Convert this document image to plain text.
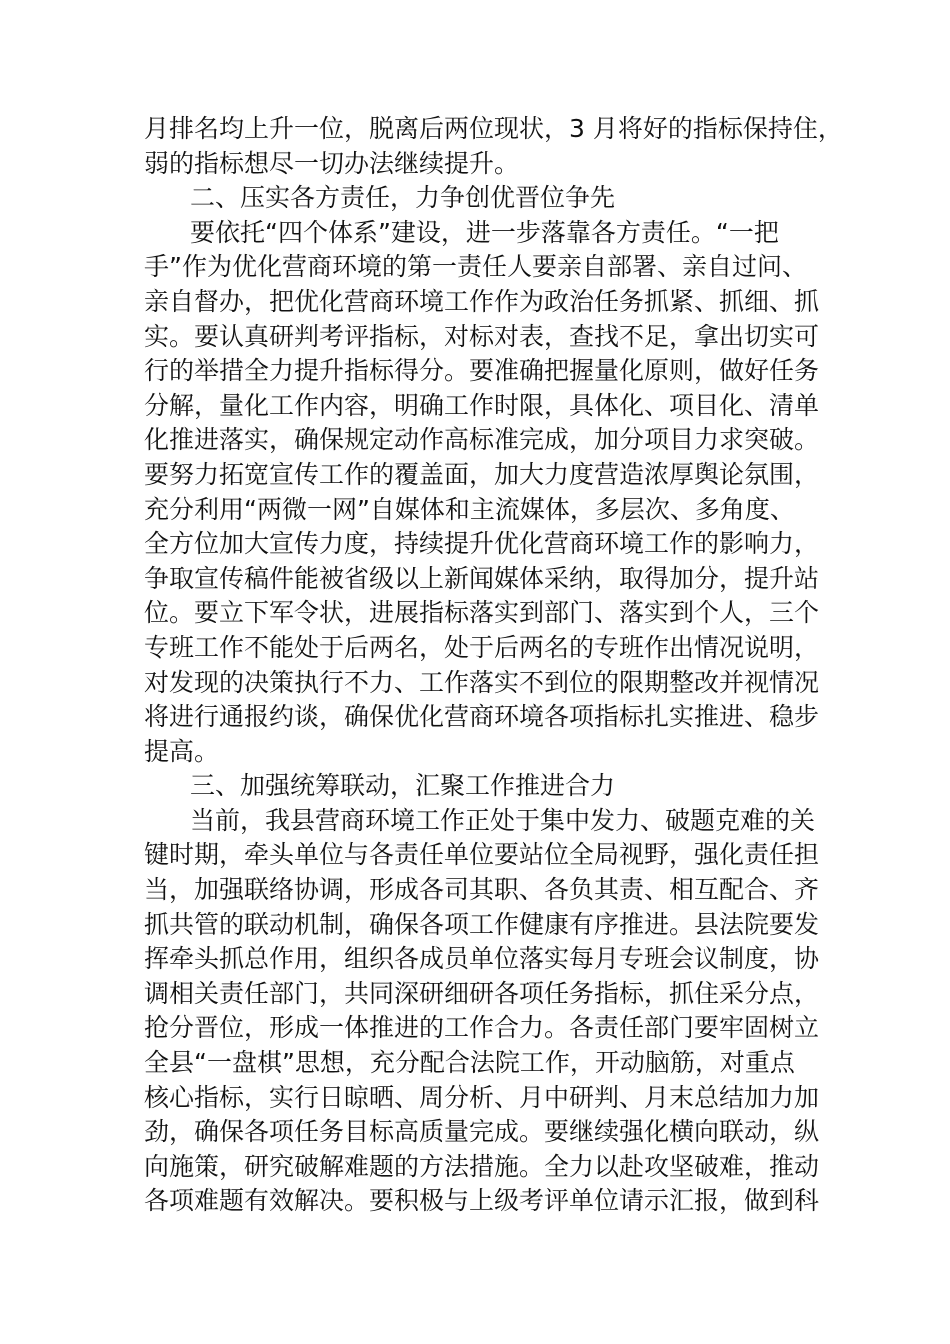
月排名均上升一位，脱离后两位现状，3 月将好的指标保持住，
弱的指标想尽一切办法继续提升。
二、压实各方责任，力争创优晋位争先
要依托“四个体系”建设，进一步落靠各方责任。“一把
手”作为优化营商环境的第一责任人要亲自部署、亲自过问、
亲自督办，把优化营商环境工作作为政治任务抓紧、抓细、抓
实。要认真研判考评指标，对标对表，查找不足，拿出切实可
行的举措全力提升指标得分。要准确把握量化原则，做好任务
分解，量化工作内容，明确工作时限，具体化、项目化、清单
化推进落实，确保规定动作高标准完成，加分项目力求突破。
要努力拓宽宣传工作的覆盖面，加大力度营造浓厚舆论氛围，
充分利用“两微一网”自媒体和主流媒体，多层次、多角度、
全方位加大宣传力度，持续提升优化营商环境工作的影响力，
争取宣传稿件能被省级以上新闻媒体采纳，取得加分，提升站
位。要立下军令状，进展指标落实到部门、落实到个人，三个
专班工作不能处于后两名，处于后两名的专班作出情况说明，
对发现的决策执行不力、工作落实不到位的限期整改并视情况
将进行通报约谈，确保优化营商环境各项指标扎实推进、稳步
提高。
三、加强统筹联动，汇聚工作推进合力
当前，我县营商环境工作正处于集中发力、破题克难的关
键时期，牵头单位与各责任单位要站位全局视野，强化责任担
当，加强联络协调，形成各司其职、各负其责、相互配合、齐
抓共管的联动机制，确保各项工作健康有序推进。县法院要发
挥牵头抓总作用，组织各成员单位落实每月专班会议制度，协
调相关责任部门，共同深研细研各项任务指标，抓住采分点，
抢分晋位，形成一体推进的工作合力。各责任部门要牢固树立
全县“一盘棋”思想，充分配合法院工作，开动脑筋，对重点
核心指标，实行日晾晒、周分析、月中研判、月末总结加力加
劲，确保各项任务目标高质量完成。要继续强化横向联动，纵
向施策，研究破解难题的方法措施。全力以赴攻坚破难，推动
各项难题有效解决。要积极与上级考评单位请示汇报，做到科
